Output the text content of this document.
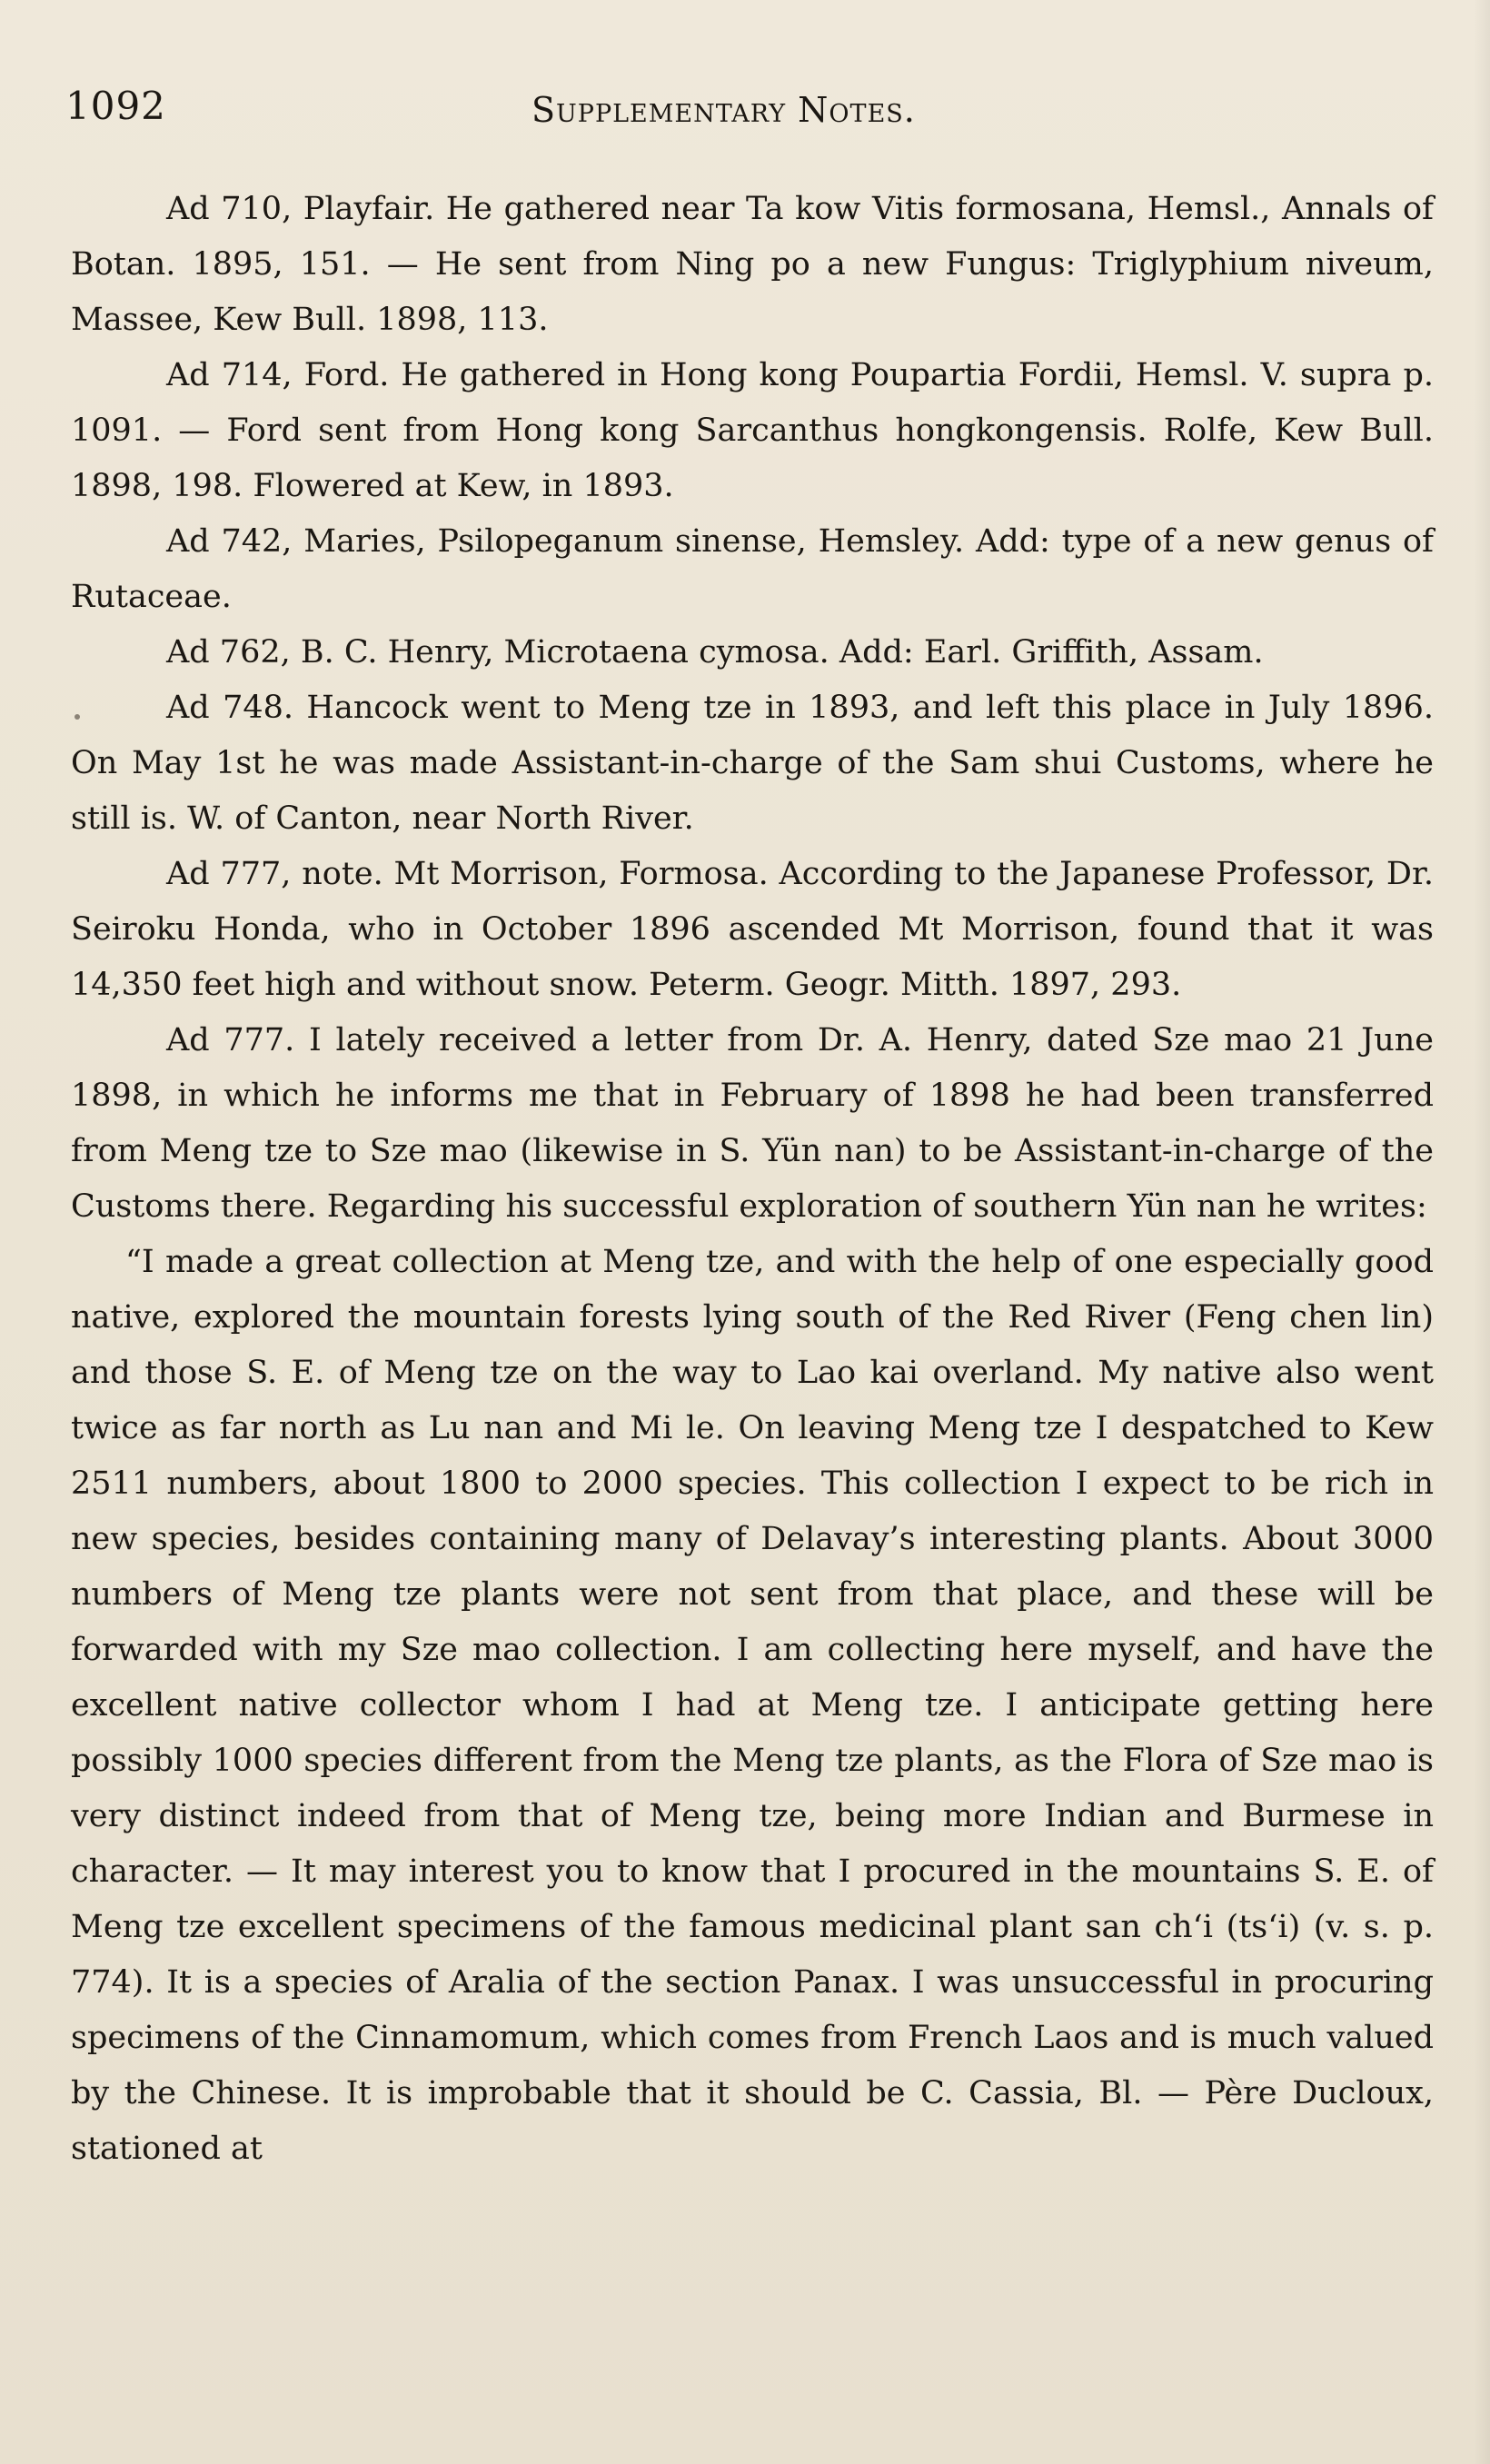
1092	Supplementary Notes.

Ad 710, Playfair. He gathered near Ta kow Vitis formosana, Hemsl., Annals of Botan. 1895, 151. — He sent from Ning po a new Fungus: Triglyphium niveum, Massee, Kew Bull. 1898, 113.

Ad 714, Ford. He gathered in Hong kong Poupartia Fordii, Hemsl. V. supra p. 1091. — Ford sent from Hong kong Sarcanthus hongkongensis. Rolfe, Kew Bull. 1898, 198. Flowered at Kew, in 1893.

Ad 742, Maries, Psilopeganum sinense, Hemsley. Add: type of a new genus of Rutaceae.

Ad 762, B. C. Henry, Microtaena cymosa. Add: Earl. Griffith, Assam.

Ad 748. Hancock went to Meng tze in 1893, and left this place in July 1896. On May 1st he was made Assistant-in-charge of the Sam shui Customs, where he still is. W. of Canton, near North River.

Ad 777, note. Mt Morrison, Formosa. According to the Japanese Professor, Dr. Seiroku Honda, who in October 1896 ascended Mt Morrison, found that it was 14,350 feet high and without snow. Peterm. Geogr. Mitth. 1897, 293.

Ad 777. I lately received a letter from Dr. A. Henry, dated Sze mao 21 June 1898, in which he informs me that in February of 1898 he had been transferred from Meng tze to Sze mao (likewise in S. Yün nan) to be Assistant-in-charge of the Customs there. Regarding his successful exploration of southern Yün nan he writes:

“I made a great collection at Meng tze, and with the help of one especially good native, explored the mountain forests lying south of the Red River (Feng chen lin) and those S. E. of Meng tze on the way to Lao kai overland. My native also went twice as far north as Lu nan and Mi le. On leaving Meng tze I despatched to Kew 2511 numbers, about 1800 to 2000 species. This collection I expect to be rich in new species, besides containing many of Delavay’s interesting plants. About 3000 numbers of Meng tze plants were not sent from that place, and these will be forwarded with my Sze mao collection. I am collecting here myself, and have the excellent native collector whom I had at Meng tze. I anticipate getting here possibly 1000 species different from the Meng tze plants, as the Flora of Sze mao is very distinct indeed from that of Meng tze, being more Indian and Burmese in character. — It may interest you to know that I procured in the mountains S. E. of Meng tze excellent specimens of the famous medicinal plant san ch‘i (ts‘i) (v. s. p. 774). It is a species of Aralia of the section Panax. I was unsuccessful in procuring specimens of the Cinnamomum, which comes from French Laos and is much valued by the Chinese. It is improbable that it should be C. Cassia, Bl. — Père Ducloux, stationed at
